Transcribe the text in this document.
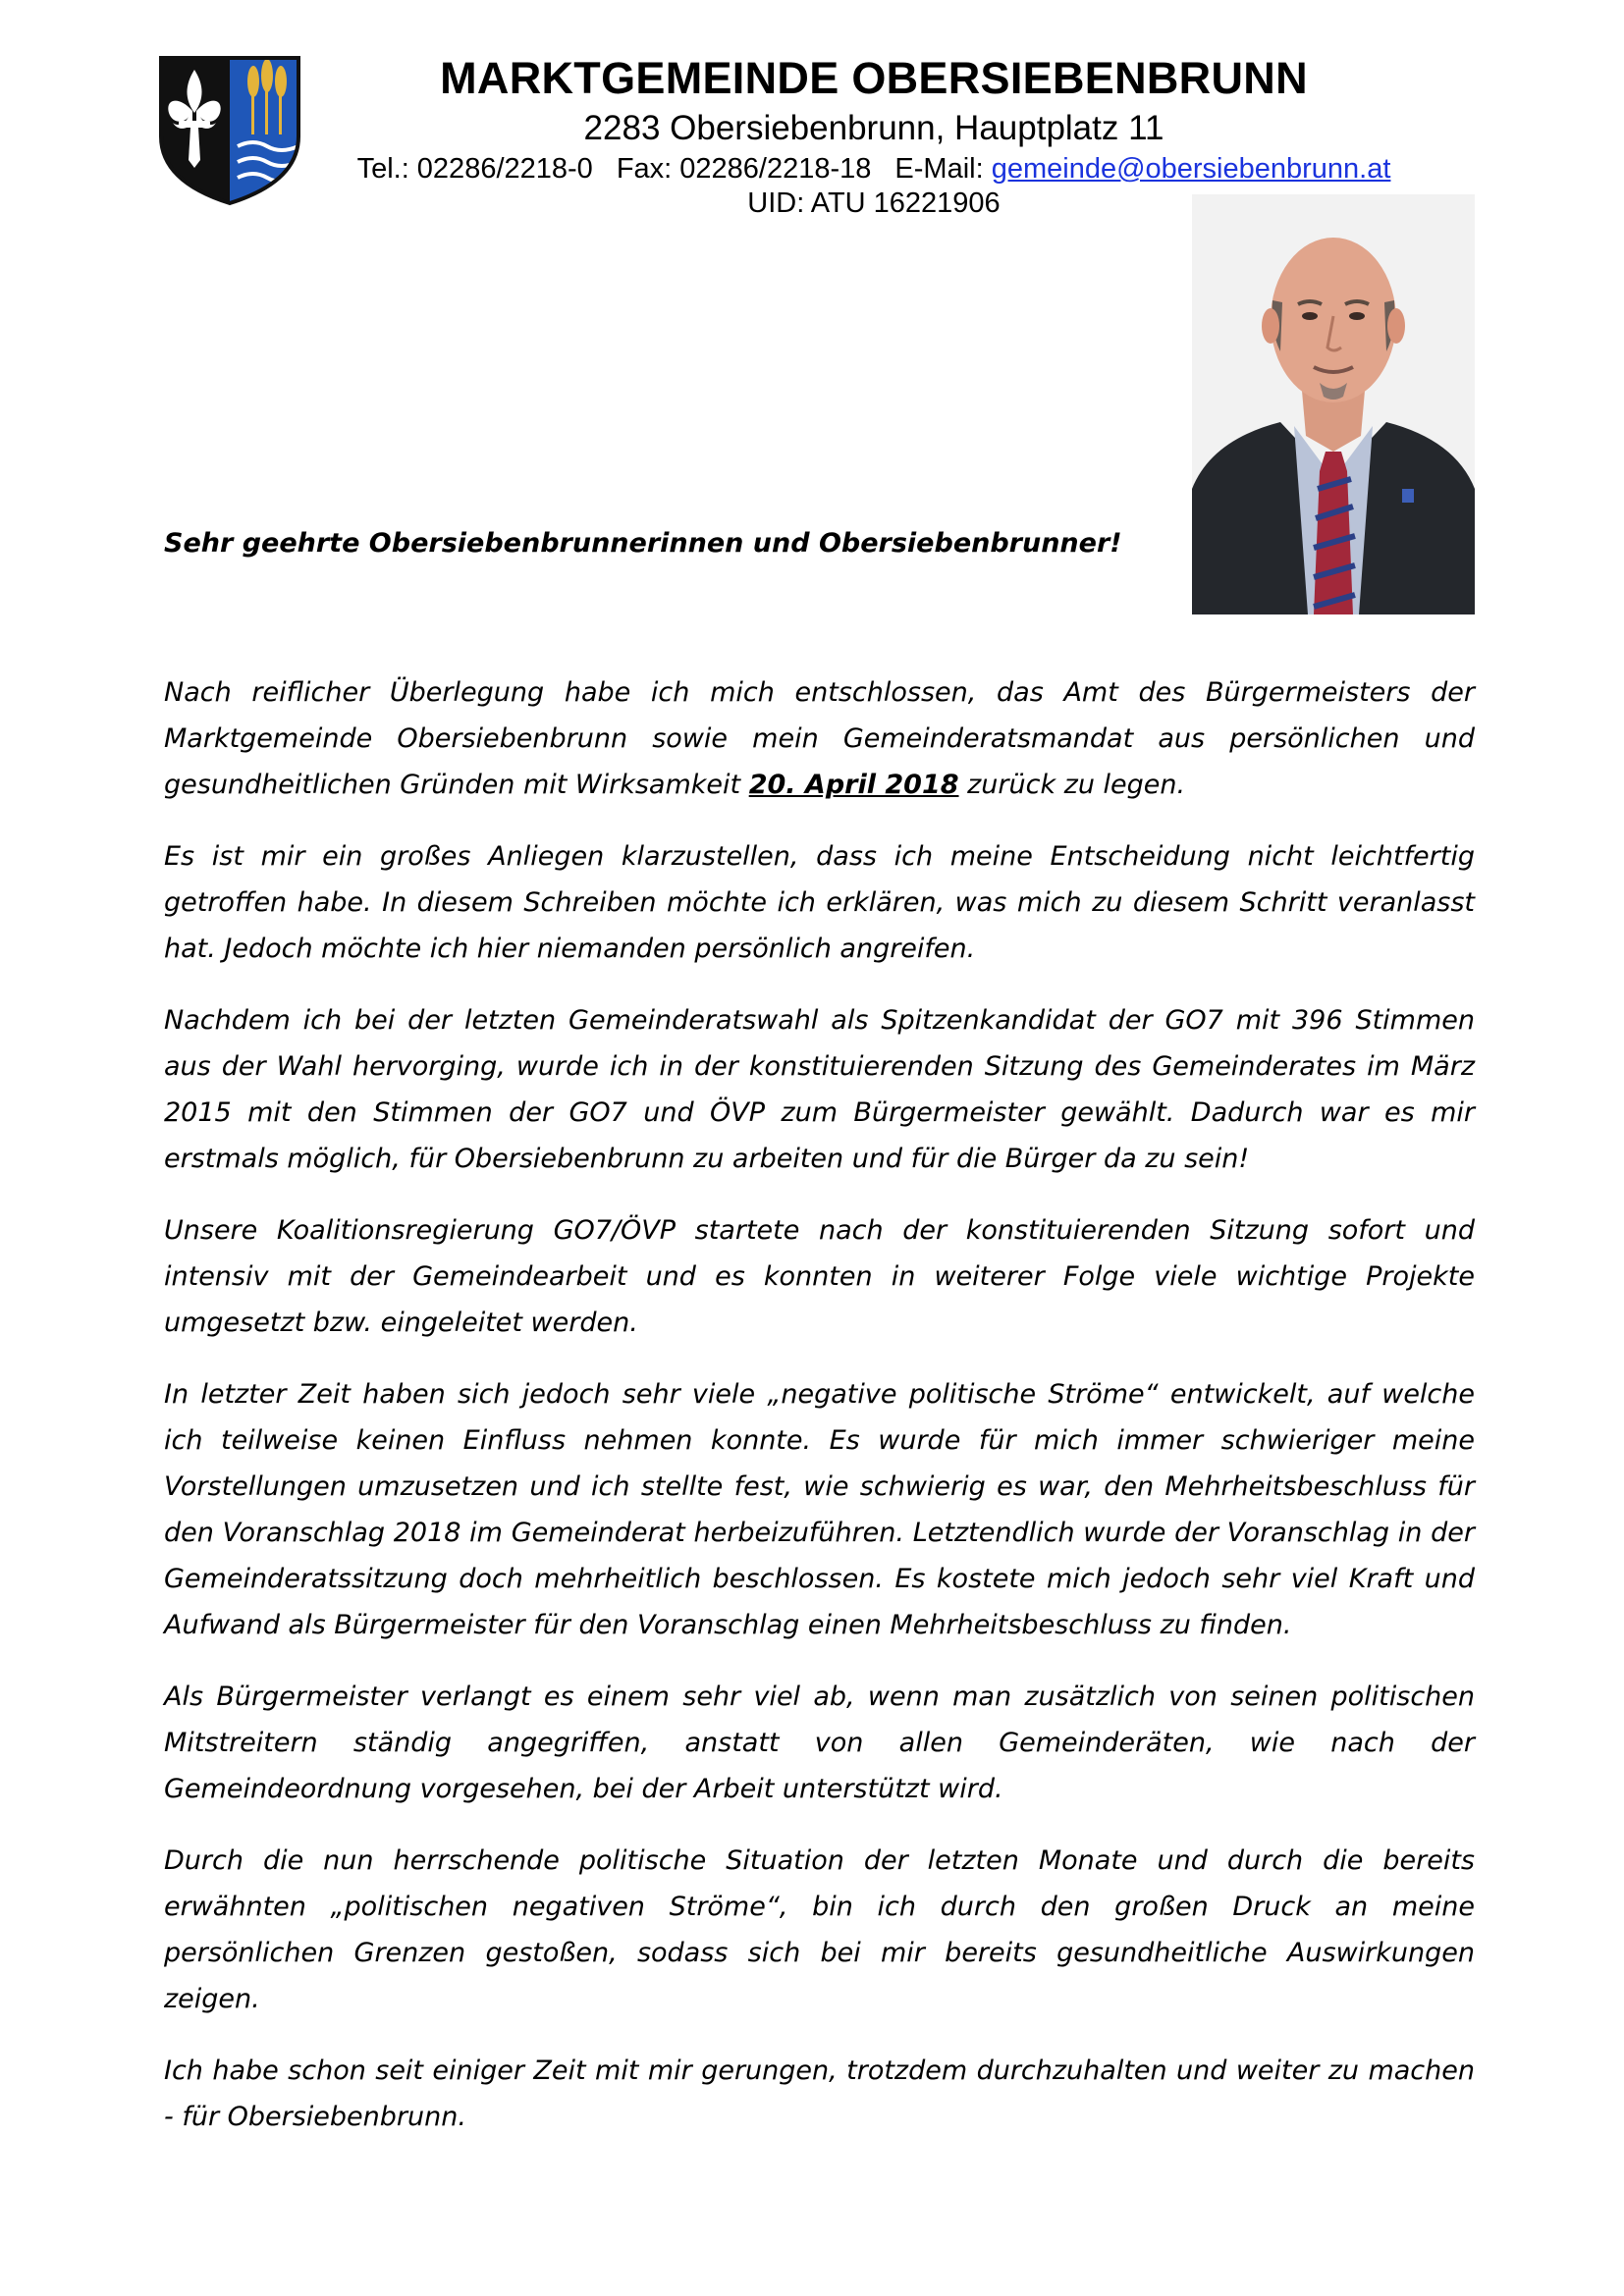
MARKTGEMEINDE OBERSIEBENBRUNN

2283 Obersiebenbrunn, Hauptplatz 11

Tel.: 02286/2218-0 Fax: 02286/2218-18 E-Mail: gemeinde@obersiebenbrunn.at

UID: ATU 16221906

Sehr geehrte Obersiebenbrunnerinnen und Obersiebenbrunner!

Nach reiflicher Überlegung habe ich mich entschlossen, das Amt des Bürgermeisters der Marktgemeinde Obersiebenbrunn sowie mein Gemeinderatsmandat aus persönlichen und gesundheitlichen Gründen mit Wirksamkeit 20. April 2018 zurück zu legen.

Es ist mir ein großes Anliegen klarzustellen, dass ich meine Entscheidung nicht leichtfertig getroffen habe. In diesem Schreiben möchte ich erklären, was mich zu diesem Schritt veranlasst hat. Jedoch möchte ich hier niemanden persönlich angreifen.

Nachdem ich bei der letzten Gemeinderatswahl als Spitzenkandidat der GO7 mit 396 Stimmen aus der Wahl hervorging, wurde ich in der konstituierenden Sitzung des Gemeinderates im März 2015 mit den Stimmen der GO7 und ÖVP zum Bürgermeister gewählt. Dadurch war es mir erstmals möglich, für Obersiebenbrunn zu arbeiten und für die Bürger da zu sein!

Unsere Koalitionsregierung GO7/ÖVP startete nach der konstituierenden Sitzung sofort und intensiv mit der Gemeindearbeit und es konnten in weiterer Folge viele wichtige Projekte umgesetzt bzw. eingeleitet werden.

In letzter Zeit haben sich jedoch sehr viele „negative politische Ströme“ entwickelt, auf welche ich teilweise keinen Einfluss nehmen konnte. Es wurde für mich immer schwieriger meine Vorstellungen umzusetzen und ich stellte fest, wie schwierig es war, den Mehrheitsbeschluss für den Voranschlag 2018 im Gemeinderat herbeizuführen. Letztendlich wurde der Voranschlag in der Gemeinderatssitzung doch mehrheitlich beschlossen. Es kostete mich jedoch sehr viel Kraft und Aufwand als Bürgermeister für den Voranschlag einen Mehrheitsbeschluss zu finden.

Als Bürgermeister verlangt es einem sehr viel ab, wenn man zusätzlich von seinen politischen Mitstreitern ständig angegriffen, anstatt von allen Gemeinderäten, wie nach der Gemeindeordnung vorgesehen, bei der Arbeit unterstützt wird.

Durch die nun herrschende politische Situation der letzten Monate und durch die bereits erwähnten „politischen negativen Ströme“, bin ich durch den großen Druck an meine persönlichen Grenzen gestoßen, sodass sich bei mir bereits gesundheitliche Auswirkungen zeigen.

Ich habe schon seit einiger Zeit mit mir gerungen, trotzdem durchzuhalten und weiter zu machen - für Obersiebenbrunn.
